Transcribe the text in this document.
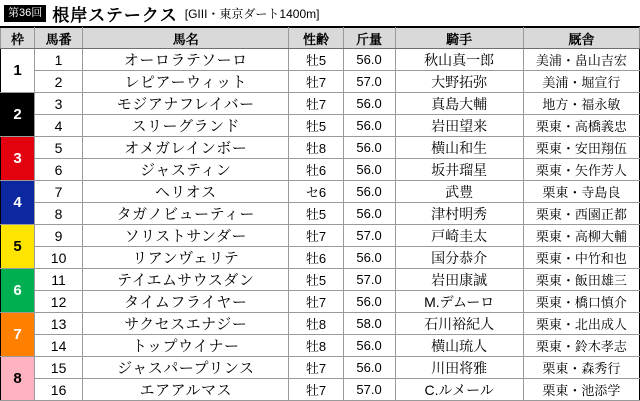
第36回 根岸ステークス [GIII・東京ダート1400m]
枠	馬番	馬名	性齢	斤量	騎手	厩舎
1	1	オーロラテソーロ	牡5	56.0	秋山真一郎	美浦・畠山吉宏
	2	レピアーウィット	牡7	57.0	大野拓弥	美浦・堀宣行
2	3	モジアナフレイバー	牡7	56.0	真島大輔	地方・福永敏
	4	スリーグランド	牡5	56.0	岩田望来	栗東・高橋義忠
3	5	オメガレインボー	牡8	56.0	横山和生	栗東・安田翔伍
	6	ジャスティン	牡6	56.0	坂井瑠星	栗東・矢作芳人
4	7	ヘリオス	セ6	56.0	武豊	栗東・寺島良
	8	タガノビューティー	牡5	56.0	津村明秀	栗東・西園正都
5	9	ソリストサンダー	牡7	57.0	戸崎圭太	栗東・高柳大輔
	10	リアンヴェリテ	牡6	56.0	国分恭介	栗東・中竹和也
6	11	テイエムサウスダン	牡5	57.0	岩田康誠	栗東・飯田雄三
	12	タイムフライヤー	牡7	56.0	M.デムーロ	栗東・橋口慎介
7	13	サクセスエナジー	牡8	58.0	石川裕紀人	栗東・北出成人
	14	トップウイナー	牡8	56.0	横山琉人	栗東・鈴木孝志
8	15	ジャスパープリンス	牡7	56.0	川田将雅	栗東・森秀行
	16	エアアルマス	牡7	57.0	C.ルメール	栗東・池添学
